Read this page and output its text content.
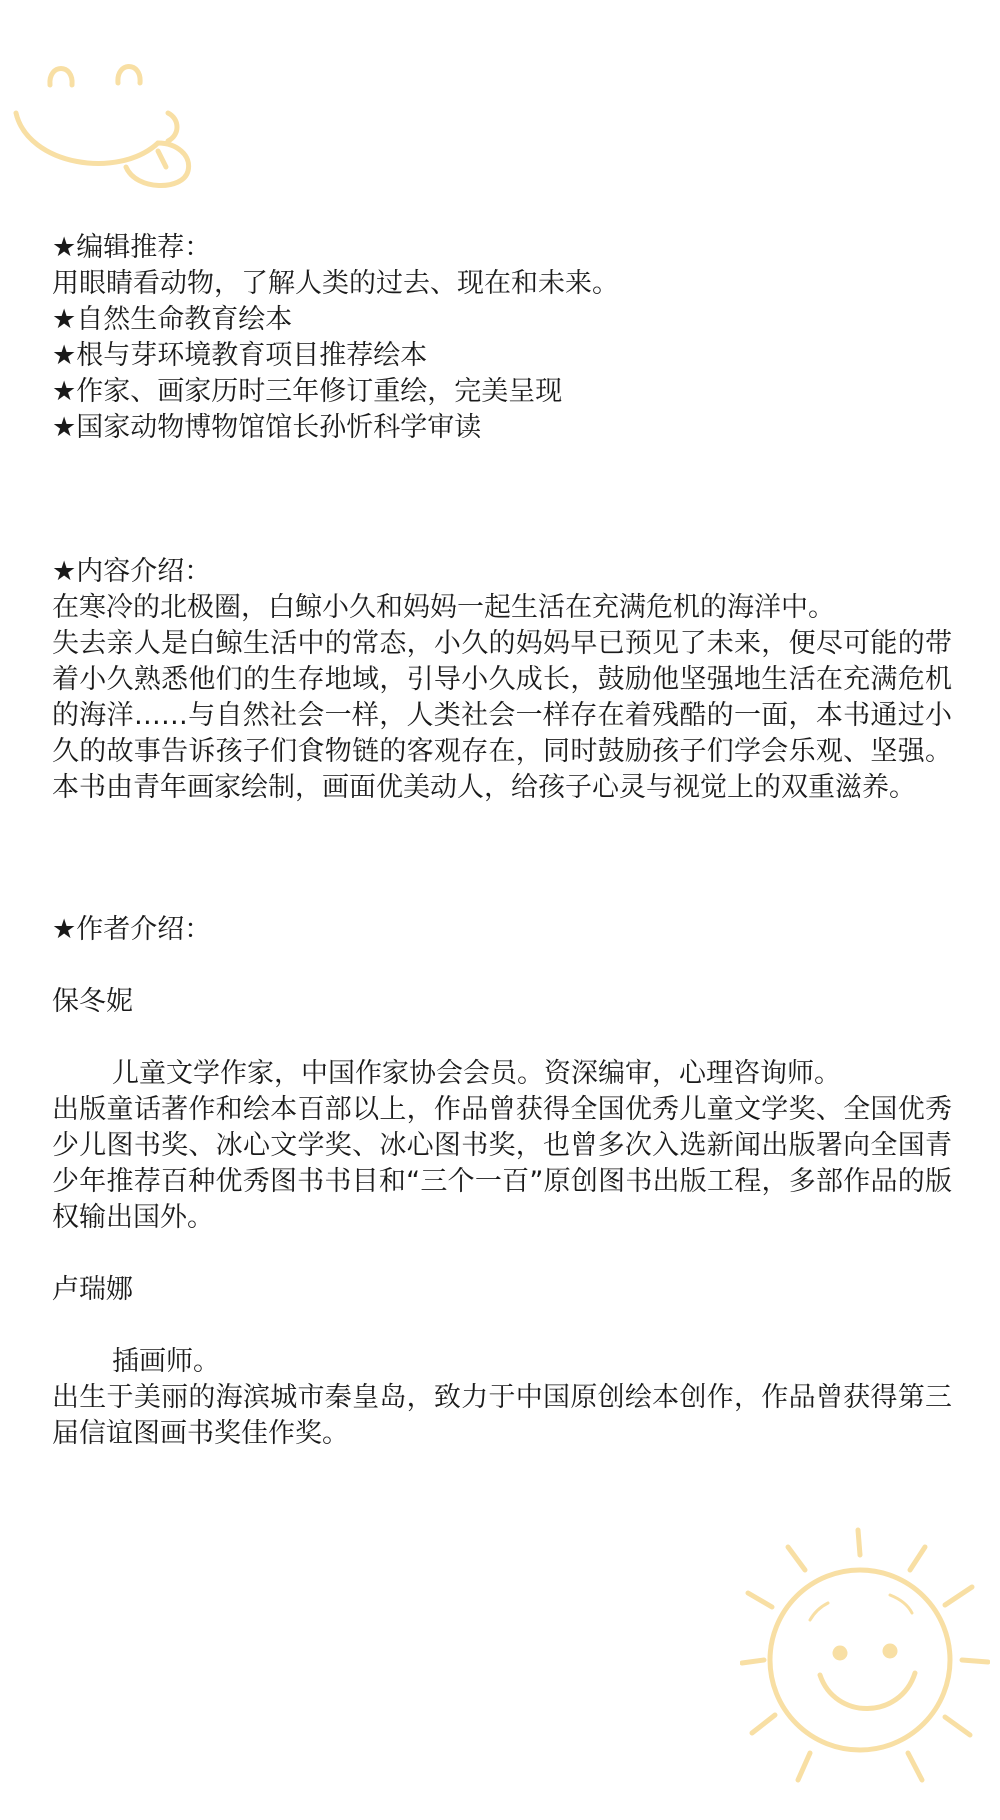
★编辑推荐：
用眼睛看动物，了解人类的过去、现在和未来。
★自然生命教育绘本
★根与芽环境教育项目推荐绘本
★作家、画家历时三年修订重绘，完美呈现
★国家动物博物馆馆长孙忻科学审读
★内容介绍：
在寒冷的北极圈，白鲸小久和妈妈一起生活在充满危机的海洋中。

失去亲人是白鲸生活中的常态，小久的妈妈早已预见了未来，便尽可能的带着小久熟悉他们的生存地域，引导小久成长，鼓励他坚强地生活在充满危机的海洋……与自然社会一样，人类社会一样存在着残酷的一面，本书通过小久的故事告诉孩子们食物链的客观存在，同时鼓励孩子们学会乐观、坚强。本书由青年画家绘制，画面优美动人，给孩子心灵与视觉上的双重滋养。

★作者介绍：
保冬妮
儿童文学作家，中国作家协会会员。资深编审，心理咨询师。

出版童话著作和绘本百部以上，作品曾获得全国优秀儿童文学奖、全国优秀少儿图书奖、冰心文学奖、冰心图书奖，也曾多次入选新闻出版署向全国青少年推荐百种优秀图书书目和“三个一百”原创图书出版工程，多部作品的版权输出国外。

卢瑞娜
插画师。

出生于美丽的海滨城市秦皇岛，致力于中国原创绘本创作，作品曾获得第三届信谊图画书奖佳作奖。
